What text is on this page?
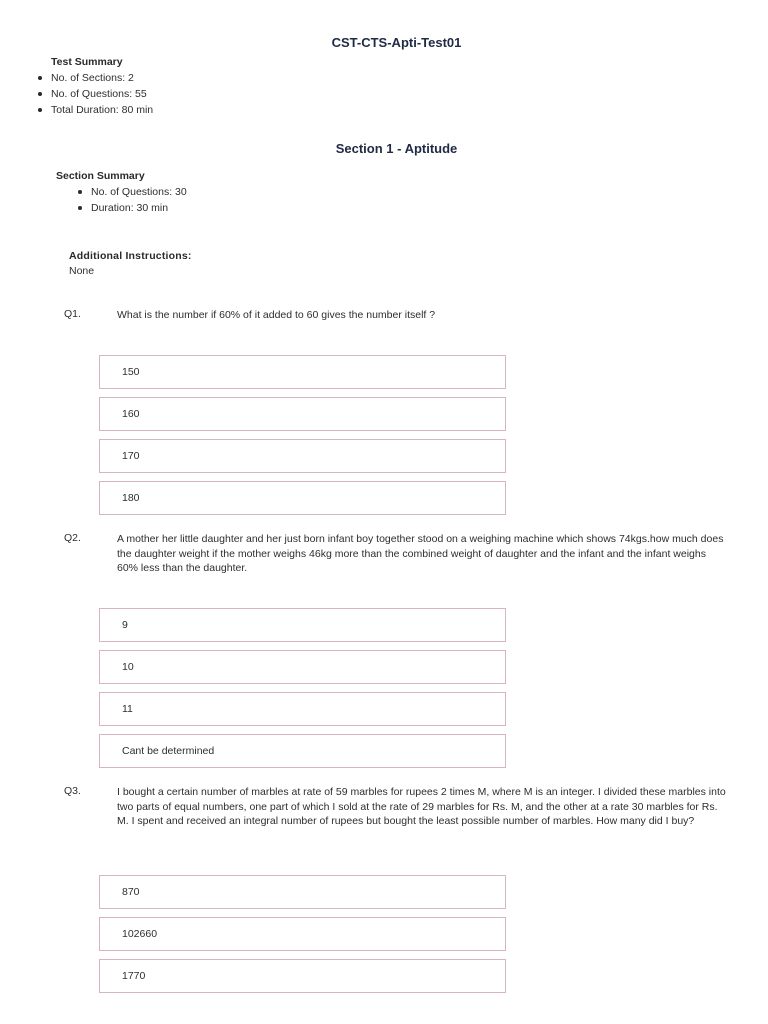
CST-CTS-Apti-Test01
Test Summary
No. of Sections: 2
No. of Questions: 55
Total Duration: 80 min
Section 1 - Aptitude
Section Summary
No. of Questions: 30
Duration: 30 min
Additional Instructions:
None
Q1.	What is the number if 60% of it added to 60 gives the number itself ?
150
160
170
180
Q2.	A mother her little daughter and her just born infant boy together stood on a weighing machine which shows 74kgs.how much does the daughter weight if the mother weighs 46kg more than the combined weight of daughter and the infant and the infant weighs 60% less than the daughter.
9
10
11
Cant be determined
Q3.	I bought a certain number of marbles at rate of 59 marbles for rupees 2 times M, where M is an integer. I divided these marbles into two parts of equal numbers, one part of which I sold at the rate of 29 marbles for Rs. M, and the other at a rate 30 marbles for Rs. M. I spent and received an integral number of rupees but bought the least possible number of marbles. How many did I buy?
870
102660
1770
